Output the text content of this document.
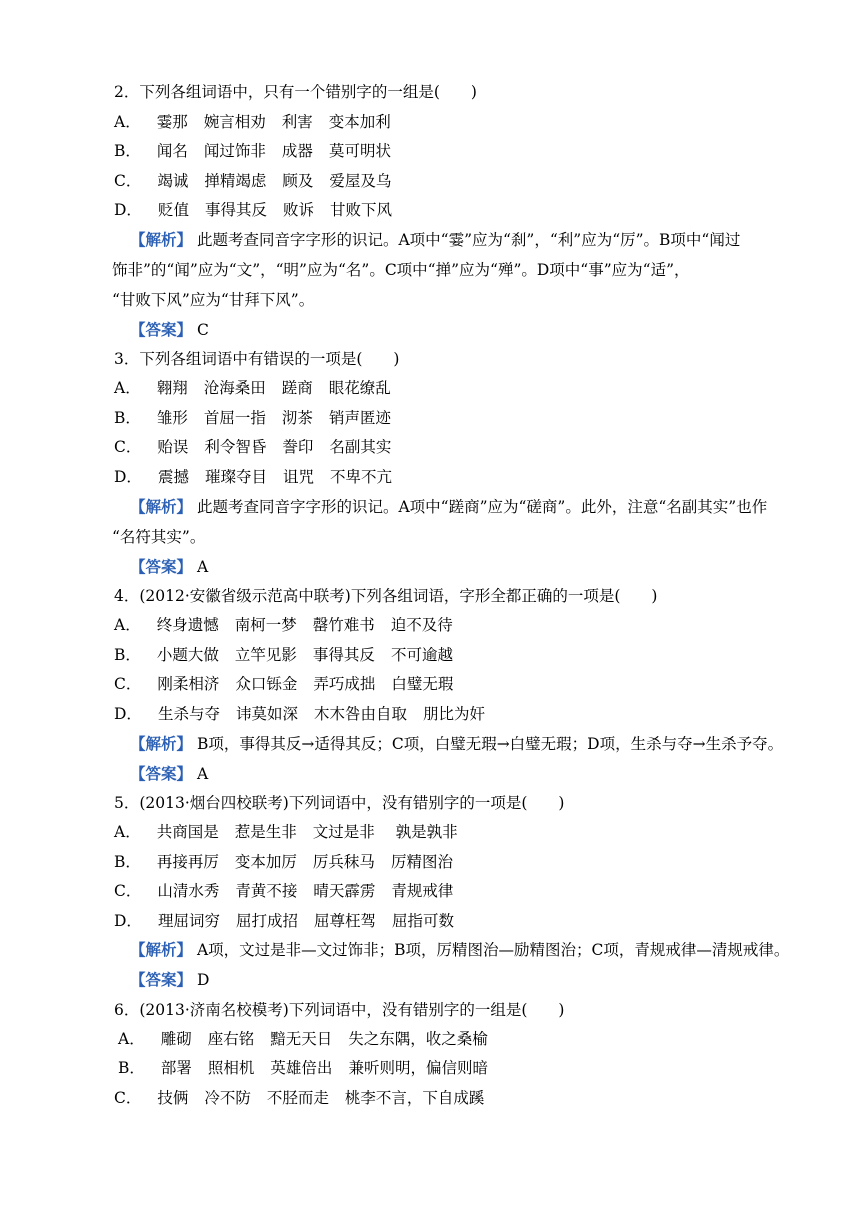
2．下列各组词语中，只有一个错别字的一组是(　　)
A． 霎那 婉言相劝 利害 变本加利
B． 闻名 闻过饰非 成器 莫可明状
C． 竭诚 掸精竭虑 顾及 爱屋及乌
D． 贬值 事得其反 败诉 甘败下风
【解析】 此题考查同音字字形的识记。A项中“霎”应为“刹”，“利”应为“厉”。B项中“闻过
饰非”的“闻”应为“文”，“明”应为“名”。C项中“掸”应为“殚”。D项中“事”应为“适”，
“甘败下风”应为“甘拜下风”。
【答案】 C
3．下列各组词语中有错误的一项是(　　)
A． 翱翔 沧海桑田 蹉商 眼花缭乱
B． 雏形 首屈一指 沏茶 销声匿迹
C． 贻误 利令智昏 誊印 名副其实
D． 震撼 璀璨夺目 诅咒 不卑不亢
【解析】 此题考查同音字字形的识记。A项中“蹉商”应为“磋商”。此外，注意“名副其实”也作
“名符其实”。
【答案】 A
4．(2012·安徽省级示范高中联考)下列各组词语，字形全都正确的一项是(　　)
A． 终身遗憾 南柯一梦 罄竹难书 迫不及待
B． 小题大做 立竿见影 事得其反 不可逾越
C． 刚柔相济 众口铄金 弄巧成拙 白璧无瑕
D． 生杀与夺 讳莫如深 木木咎由自取 朋比为奸
【解析】 B项，事得其反→适得其反；C项，白璧无瑕→白璧无瑕；D项，生杀与夺→生杀予夺。
【答案】 A
5．(2013·烟台四校联考)下列词语中，没有错别字的一项是(　　)
A． 共商国是 惹是生非 文过是非 孰是孰非
B． 再接再厉 变本加厉 厉兵秣马 厉精图治
C． 山清水秀 青黄不接 晴天霹雳 青规戒律
D． 理屈词穷 屈打成招 屈尊枉驾 屈指可数
【解析】 A项，文过是非—文过饰非；B项，厉精图治—励精图治；C项，青规戒律—清规戒律。
【答案】 D
6．(2013·济南名校模考)下列词语中，没有错别字的一组是(　　)
A． 雕砌 座右铭 黯无天日 失之东隅，收之桑榆
B． 部署 照相机 英雄倍出 兼听则明，偏信则暗
C． 技俩 冷不防 不胫而走 桃李不言，下自成蹊
